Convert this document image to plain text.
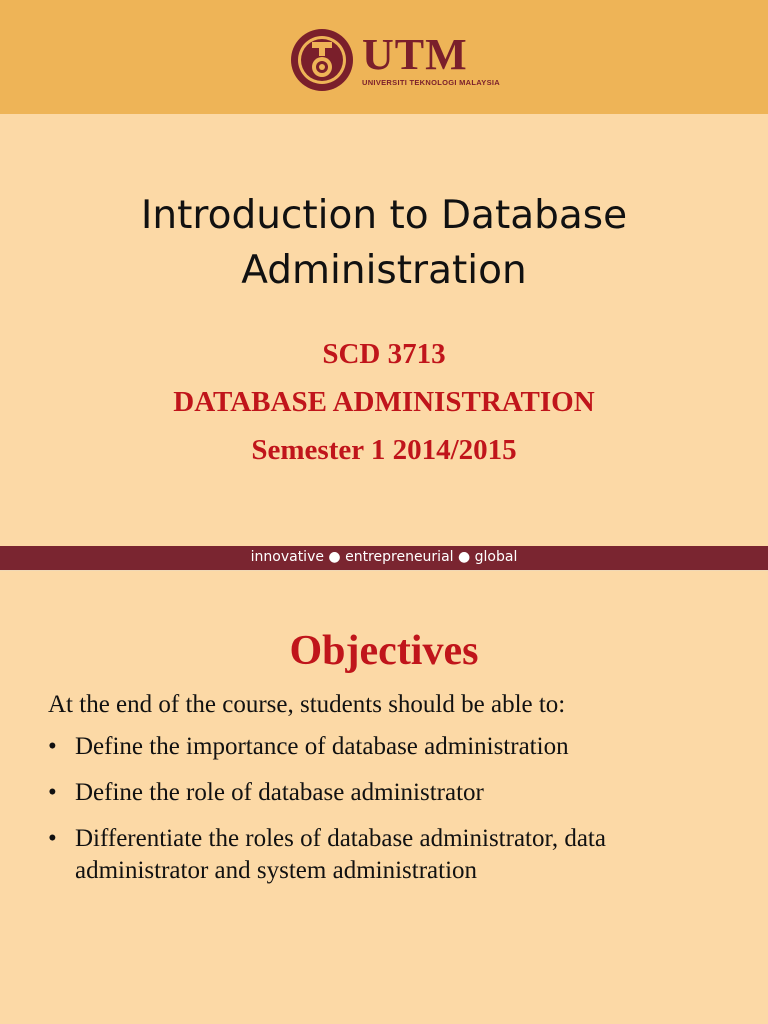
UTM
UNIVERSITI TEKNOLOGI MALAYSIA
Introduction to Database
Administration
SCD 3713
DATABASE ADMINISTRATION
Semester 1 2014/2015
innovative ● entrepreneurial ● global
Objectives
At the end of the course, students should be able to:
• Define the importance of database administration
• Define the role of database administrator
• Differentiate the roles of database administrator, data administrator and system administration
